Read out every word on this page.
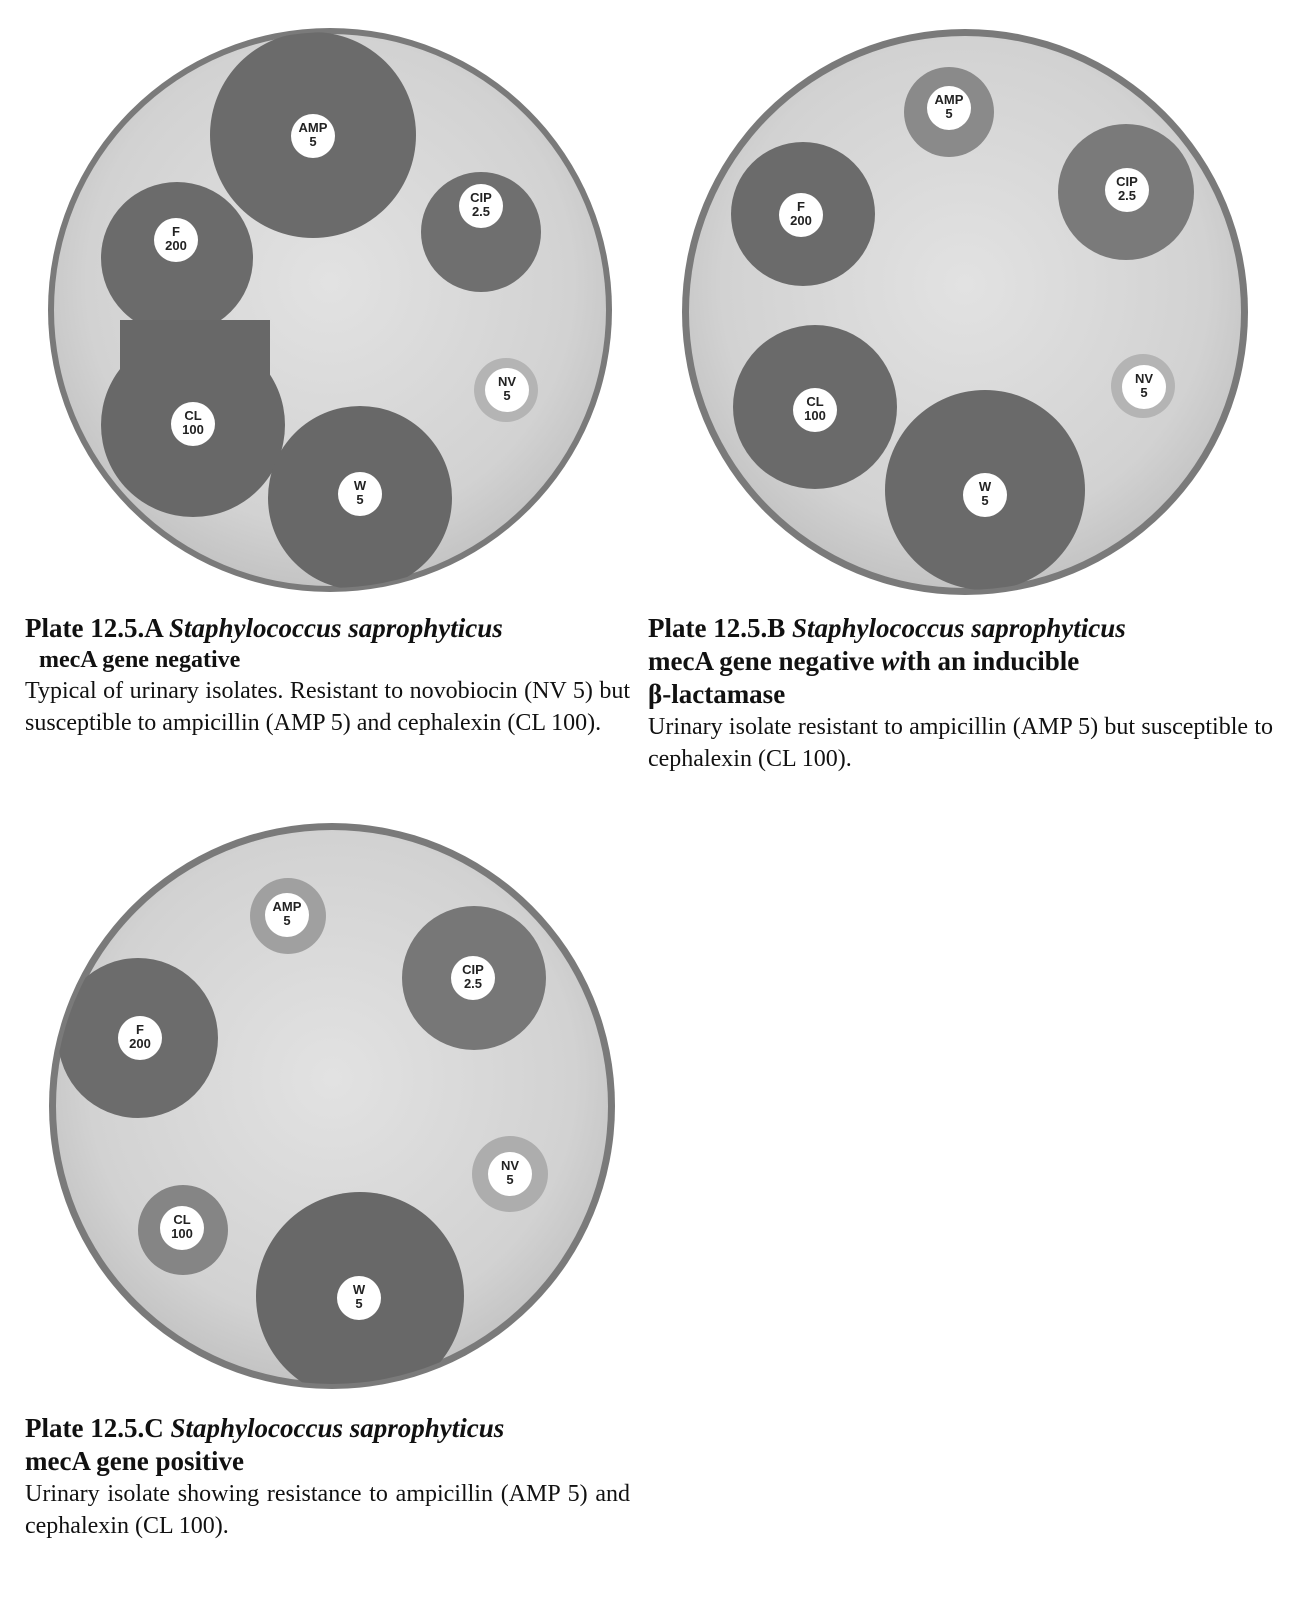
AMP
5
CIP
2.5
F
200
NV
5
CL
100
W
5
AMP
5
CIP
2.5
F
200
NV
5
CL
100
W
5
AMP
5
CIP
2.5
F
200
NV
5
CL
100
W
5

Plate 12.5.A Staphylococcus saprophyticus

mecA gene negative

Typical of urinary isolates. Resistant to novobiocin (NV 5) but susceptible to ampicillin (AMP 5) and cephalexin (CL 100).

Plate 12.5.B Staphylococcus saprophyticus

mecA gene negative with an inducible

β-lactamase

Urinary isolate resistant to ampicillin (AMP 5) but susceptible to cephalexin (CL 100).

Plate 12.5.C Staphylococcus saprophyticus

mecA gene positive

Urinary isolate showing resistance to ampicillin (AMP 5) and cephalexin (CL 100).
